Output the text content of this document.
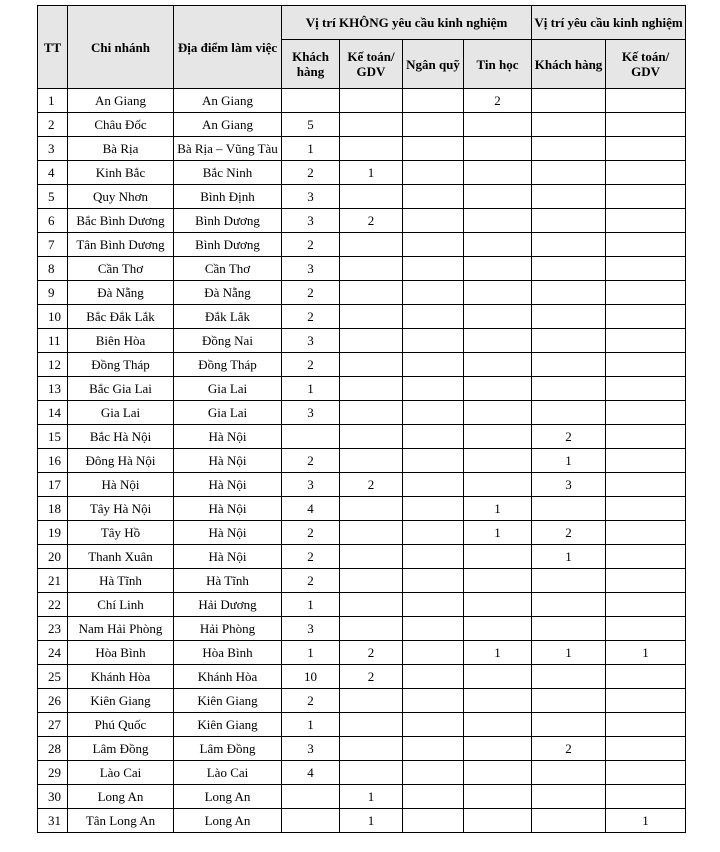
TT	Chi nhánh	Địa điểm làm việc	Vị trí KHÔNG yêu cầu kinh nghiệm				Vị trí yêu cầu kinh nghiệm	
			Khách hàng	Kế toán/ GDV	Ngân quỹ	Tin học	Khách hàng	Kế toán/ GDV
1	An Giang	An Giang				2		
2	Châu Đốc	An Giang	5					
3	Bà Rịa	Bà Rịa – Vũng Tàu	1					
4	Kinh Bắc	Bắc Ninh	2	1				
5	Quy Nhơn	Bình Định	3					
6	Bắc Bình Dương	Bình Dương	3	2				
7	Tân Bình Dương	Bình Dương	2					
8	Cần Thơ	Cần Thơ	3					
9	Đà Nẵng	Đà Nẵng	2					
10	Bắc Đắk Lắk	Đắk Lắk	2					
11	Biên Hòa	Đồng Nai	3					
12	Đồng Tháp	Đồng Tháp	2					
13	Bắc Gia Lai	Gia Lai	1					
14	Gia Lai	Gia Lai	3					
15	Bắc Hà Nội	Hà Nội					2	
16	Đông Hà Nội	Hà Nội	2				1	
17	Hà Nội	Hà Nội	3	2			3	
18	Tây Hà Nội	Hà Nội	4			1		
19	Tây Hồ	Hà Nội	2			1	2	
20	Thanh Xuân	Hà Nội	2				1	
21	Hà Tĩnh	Hà Tĩnh	2					
22	Chí Linh	Hải Dương	1					
23	Nam Hải Phòng	Hải Phòng	3					
24	Hòa Bình	Hòa Bình	1	2		1	1	1
25	Khánh Hòa	Khánh Hòa	10	2				
26	Kiên Giang	Kiên Giang	2					
27	Phú Quốc	Kiên Giang	1					
28	Lâm Đồng	Lâm Đồng	3				2	
29	Lào Cai	Lào Cai	4					
30	Long An	Long An		1				
31	Tân Long An	Long An		1				1
